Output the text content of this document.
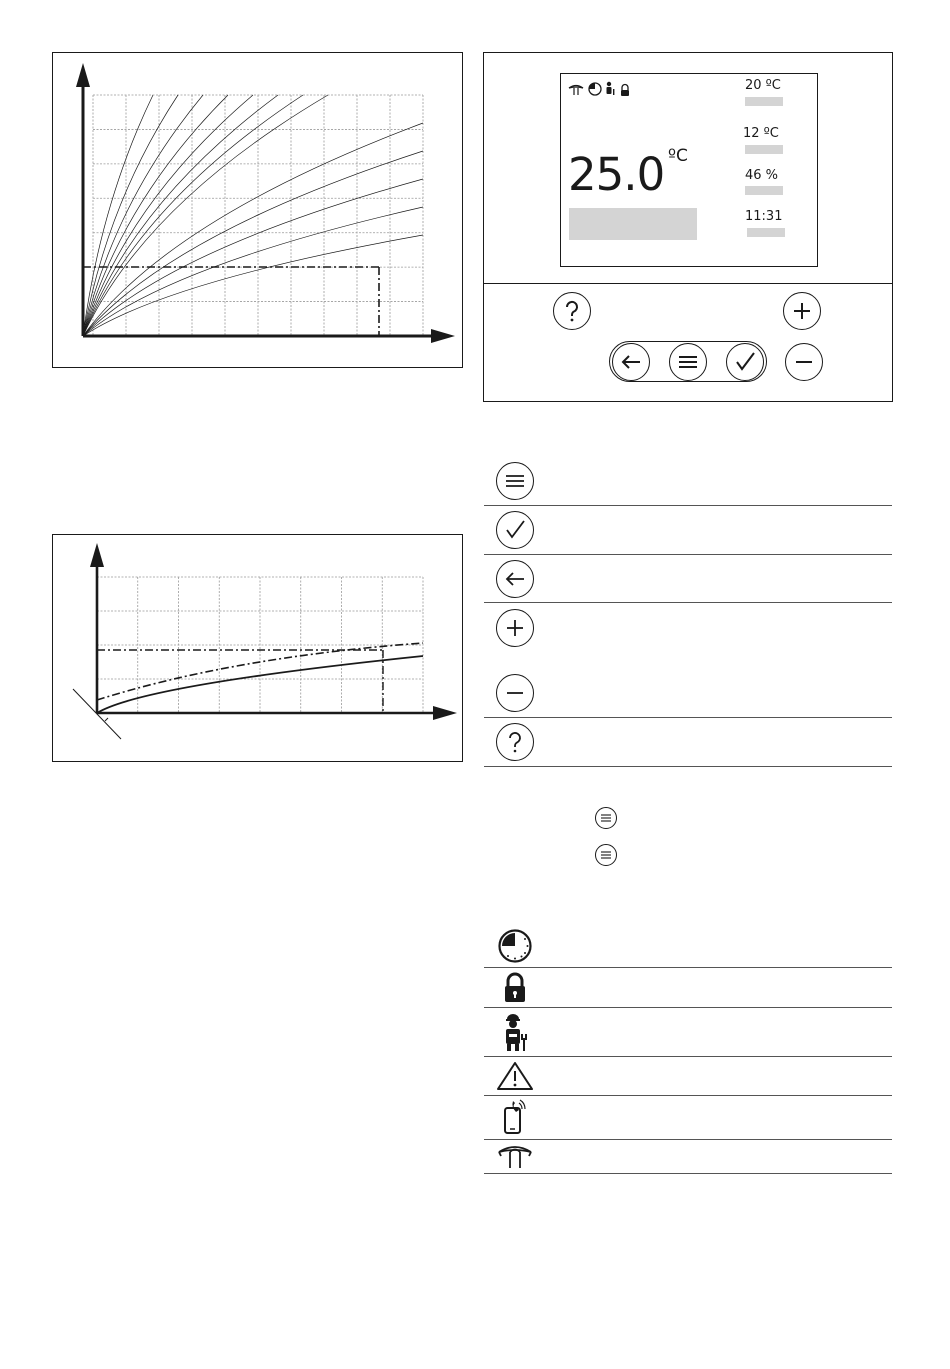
25.0 ºC
20 ºC
12 ºC
46 %
11:31
